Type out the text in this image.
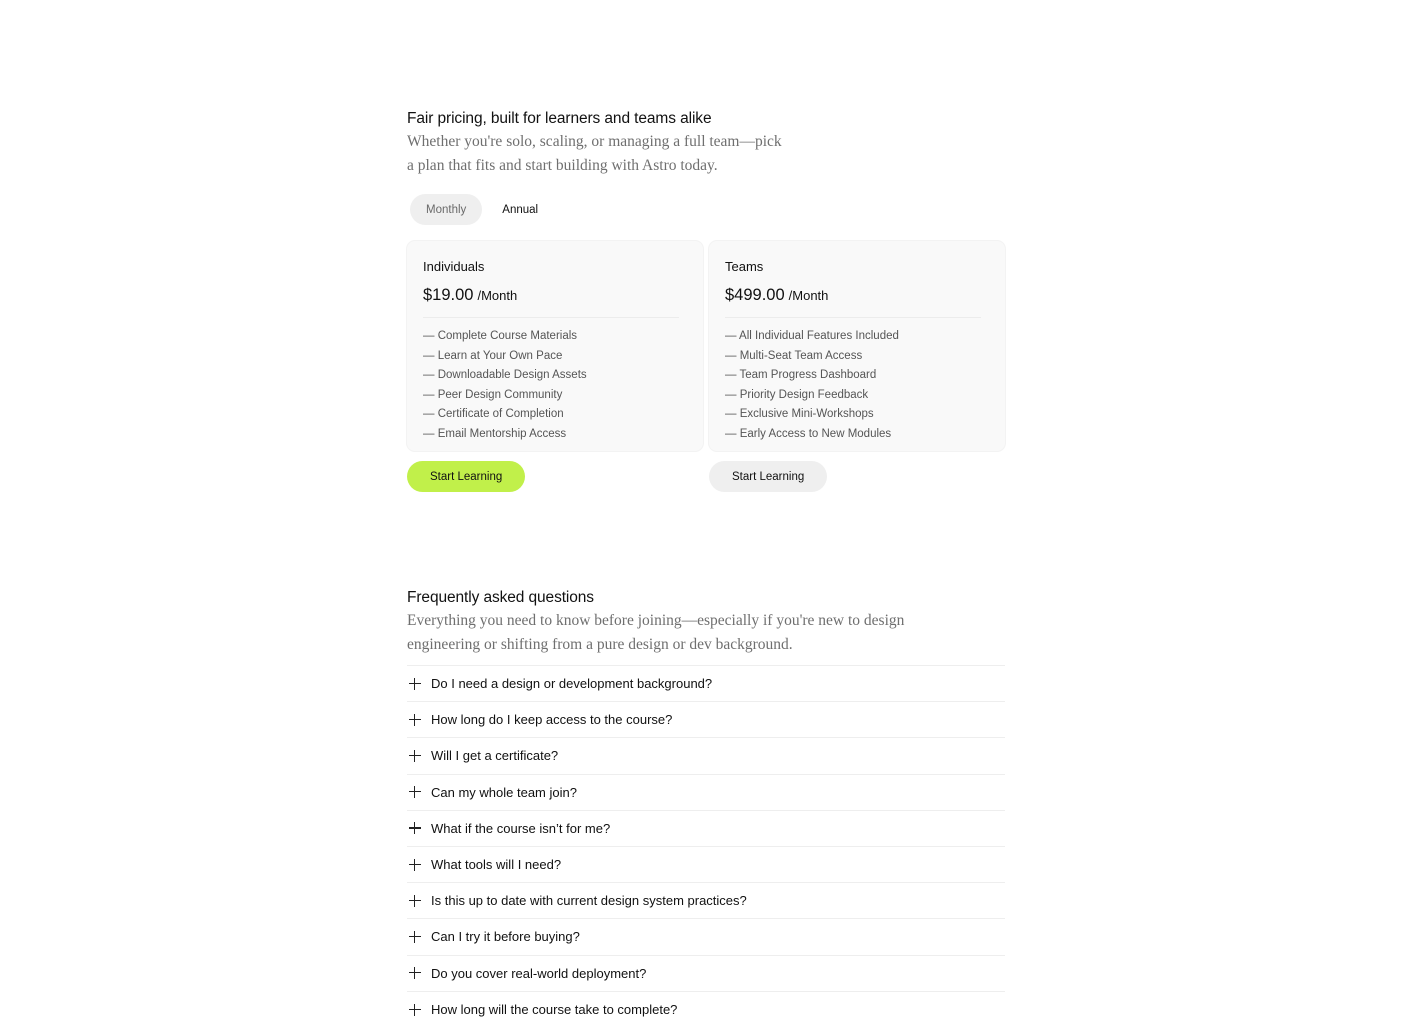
Fair pricing, built for learners and teams alike

Whether you're solo, scaling, or managing a full team—pick a plan that fits and start building with Astro today.

Monthly	Annual
Individuals
$19.00 /Month
— Complete Course Materials
— Learn at Your Own Pace
— Downloadable Design Assets
— Peer Design Community
— Certificate of Completion
— Email Mentorship Access
Start Learning
Teams
$499.00 /Month
— All Individual Features Included
— Multi-Seat Team Access
— Team Progress Dashboard
— Priority Design Feedback
— Exclusive Mini-Workshops
— Early Access to New Modules
Start Learning
Frequently asked questions

Everything you need to know before joining—especially if you're new to design engineering or shifting from a pure design or dev background.

Do I need a design or development background?
How long do I keep access to the course?
Will I get a certificate?
Can my whole team join?
What if the course isn’t for me?
What tools will I need?
Is this up to date with current design system practices?
Can I try it before buying?
Do you cover real-world deployment?
How long will the course take to complete?
